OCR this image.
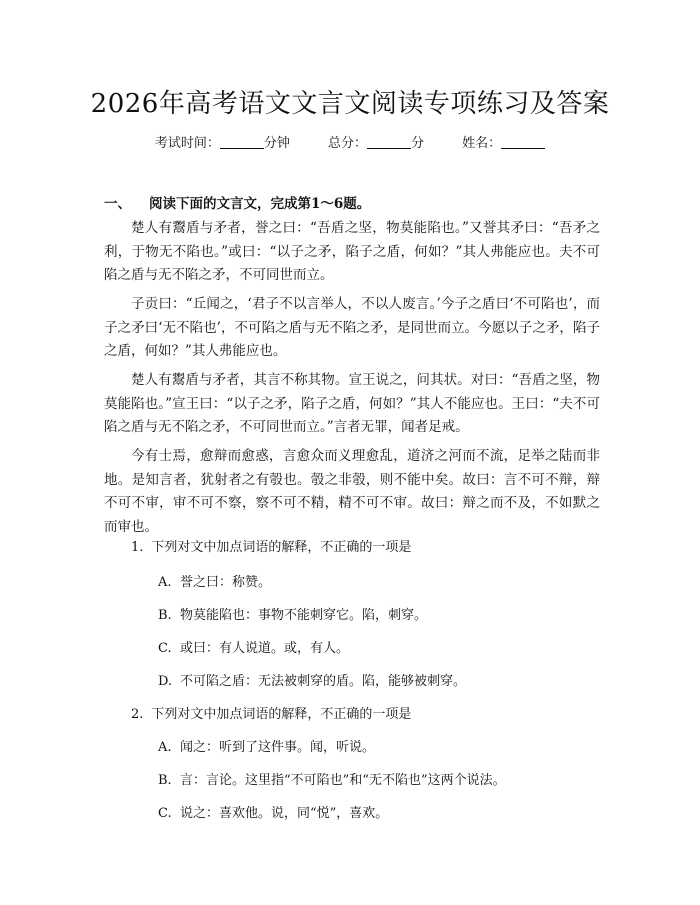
2026年高考语文文言文阅读专项练习及答案
考试时间：	分钟	总分：	分	姓名：
一、 阅读下面的文言文，完成第1～6题。

楚人有鬻盾与矛者，誉之曰：“吾盾之坚，物莫能陷也。”又誉其矛曰：“吾矛之利，于物无不陷也。”或曰：“以子之矛，陷子之盾，何如？”其人弗能应也。夫不可陷之盾与无不陷之矛，不可同世而立。

子贡曰：“丘闻之，‘君子不以言举人，不以人废言。’今子之盾曰‘不可陷也’，而子之矛曰‘无不陷也’，不可陷之盾与无不陷之矛，是同世而立。今愿以子之矛，陷子之盾，何如？”其人弗能应也。

楚人有鬻盾与矛者，其言不称其物。宣王说之，问其状。对曰：“吾盾之坚，物莫能陷也。”宣王曰：“以子之矛，陷子之盾，何如？”其人不能应也。王曰：“夫不可陷之盾与无不陷之矛，不可同世而立。”言者无罪，闻者足戒。

今有士焉，愈辩而愈惑，言愈众而义理愈乱，道济之河而不流，足举之陆而非地。是知言者，犹射者之有彀也。彀之非彀，则不能中矣。故曰：言不可不辩，辩不可不审，审不可不察，察不可不精，精不可不审。故曰：辩之而不及，不如默之而审也。

1. 下列对文中加点词语的解释，不正确的一项是
A. 誉之曰：称赞。
B. 物莫能陷也：事物不能刺穿它。陷，刺穿。
C. 或曰：有人说道。或，有人。
D. 不可陷之盾：无法被刺穿的盾。陷，能够被刺穿。
2. 下列对文中加点词语的解释，不正确的一项是
A. 闻之：听到了这件事。闻，听说。
B. 言：言论。这里指“不可陷也”和“无不陷也”这两个说法。
C. 说之：喜欢他。说，同“悦”，喜欢。
